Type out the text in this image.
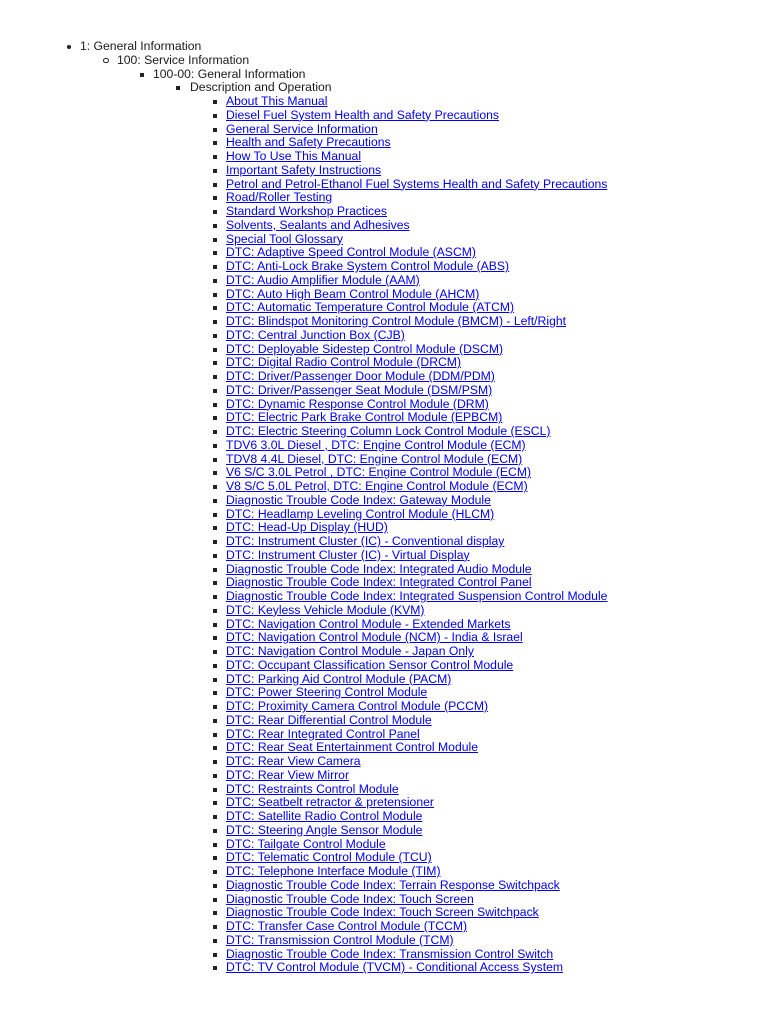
1: General Information
100: Service Information
100-00: General Information
Description and Operation
About This Manual
Diesel Fuel System Health and Safety Precautions
General Service Information
Health and Safety Precautions
How To Use This Manual
Important Safety Instructions
Petrol and Petrol-Ethanol Fuel Systems Health and Safety Precautions
Road/Roller Testing
Standard Workshop Practices
Solvents, Sealants and Adhesives
Special Tool Glossary
DTC: Adaptive Speed Control Module (ASCM)
DTC: Anti-Lock Brake System Control Module (ABS)
DTC: Audio Amplifier Module (AAM)
DTC: Auto High Beam Control Module (AHCM)
DTC: Automatic Temperature Control Module (ATCM)
DTC: Blindspot Monitoring Control Module (BMCM) - Left/Right
DTC: Central Junction Box (CJB)
DTC: Deployable Sidestep Control Module (DSCM)
DTC: Digital Radio Control Module (DRCM)
DTC: Driver/Passenger Door Module (DDM/PDM)
DTC: Driver/Passenger Seat Module (DSM/PSM)
DTC: Dynamic Response Control Module (DRM)
DTC: Electric Park Brake Control Module (EPBCM)
DTC: Electric Steering Column Lock Control Module (ESCL)
TDV6 3.0L Diesel , DTC: Engine Control Module (ECM)
TDV8 4.4L Diesel, DTC: Engine Control Module (ECM)
V6 S/C 3.0L Petrol , DTC: Engine Control Module (ECM)
V8 S/C 5.0L Petrol, DTC: Engine Control Module (ECM)
Diagnostic Trouble Code Index: Gateway Module
DTC: Headlamp Leveling Control Module (HLCM)
DTC: Head-Up Display (HUD)
DTC: Instrument Cluster (IC) - Conventional display
DTC: Instrument Cluster (IC) - Virtual Display
Diagnostic Trouble Code Index: Integrated Audio Module
Diagnostic Trouble Code Index: Integrated Control Panel
Diagnostic Trouble Code Index: Integrated Suspension Control Module
DTC: Keyless Vehicle Module (KVM)
DTC: Navigation Control Module - Extended Markets
DTC: Navigation Control Module (NCM) - India & Israel
DTC: Navigation Control Module - Japan Only
DTC: Occupant Classification Sensor Control Module
DTC: Parking Aid Control Module (PACM)
DTC: Power Steering Control Module
DTC: Proximity Camera Control Module (PCCM)
DTC: Rear Differential Control Module
DTC: Rear Integrated Control Panel
DTC: Rear Seat Entertainment Control Module
DTC: Rear View Camera
DTC: Rear View Mirror
DTC: Restraints Control Module
DTC: Seatbelt retractor & pretensioner
DTC: Satellite Radio Control Module
DTC: Steering Angle Sensor Module
DTC: Tailgate Control Module
DTC: Telematic Control Module (TCU)
DTC: Telephone Interface Module (TIM)
Diagnostic Trouble Code Index: Terrain Response Switchpack
Diagnostic Trouble Code Index: Touch Screen
Diagnostic Trouble Code Index: Touch Screen Switchpack
DTC: Transfer Case Control Module (TCCM)
DTC: Transmission Control Module (TCM)
Diagnostic Trouble Code Index: Transmission Control Switch
DTC: TV Control Module (TVCM) - Conditional Access System
